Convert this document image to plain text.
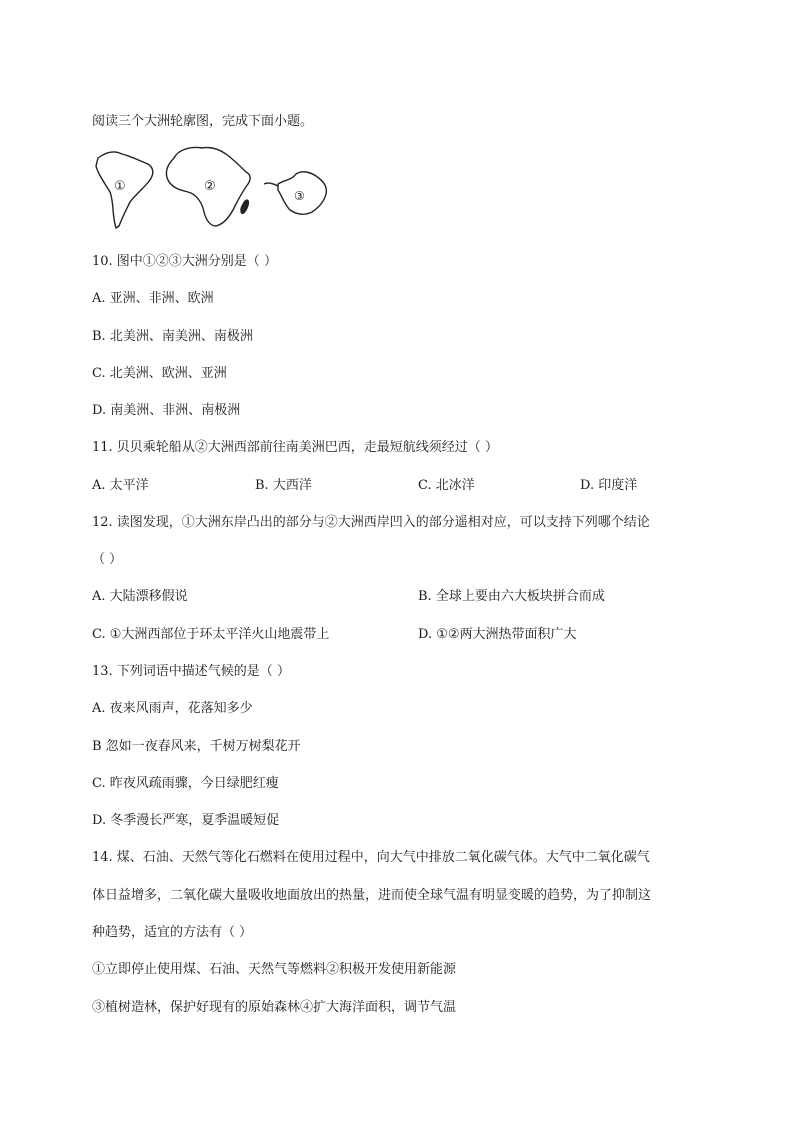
阅读三个大洲轮廓图，完成下面小题。
①	②
③
10. 图中①②③大洲分别是（ ）
A. 亚洲、非洲、欧洲
B. 北美洲、南美洲、南极洲
C. 北美洲、欧洲、亚洲
D. 南美洲、非洲、南极洲
11. 贝贝乘轮船从②大洲西部前往南美洲巴西，走最短航线须经过（ ）
A. 太平洋	B. 大西洋	C. 北冰洋	D. 印度洋
12. 读图发现，①大洲东岸凸出的部分与②大洲西岸凹入的部分遥相对应，可以支持下列哪个结论
（ ）
A. 大陆漂移假说	B. 全球上要由六大板块拼合而成
C. ①大洲西部位于环太平洋火山地震带上	D. ①②两大洲热带面积广大
13. 下列词语中描述气候的是（ ）
A. 夜来风雨声，花落知多少
B 忽如一夜春风来，千树万树梨花开
C. 昨夜风疏雨骤，今日绿肥红瘦
D. 冬季漫长严寒，夏季温暖短促
14. 煤、石油、天然气等化石燃料在使用过程中，向大气中排放二氧化碳气体。大气中二氧化碳气
体日益增多，二氧化碳大量吸收地面放出的热量，进而使全球气温有明显变暖的趋势，为了抑制这
种趋势，适宜的方法有（ ）
①立即停止使用煤、石油、天然气等燃料②积极开发使用新能源
③植树造林，保护好现有的原始森林④扩大海洋面积，调节气温
